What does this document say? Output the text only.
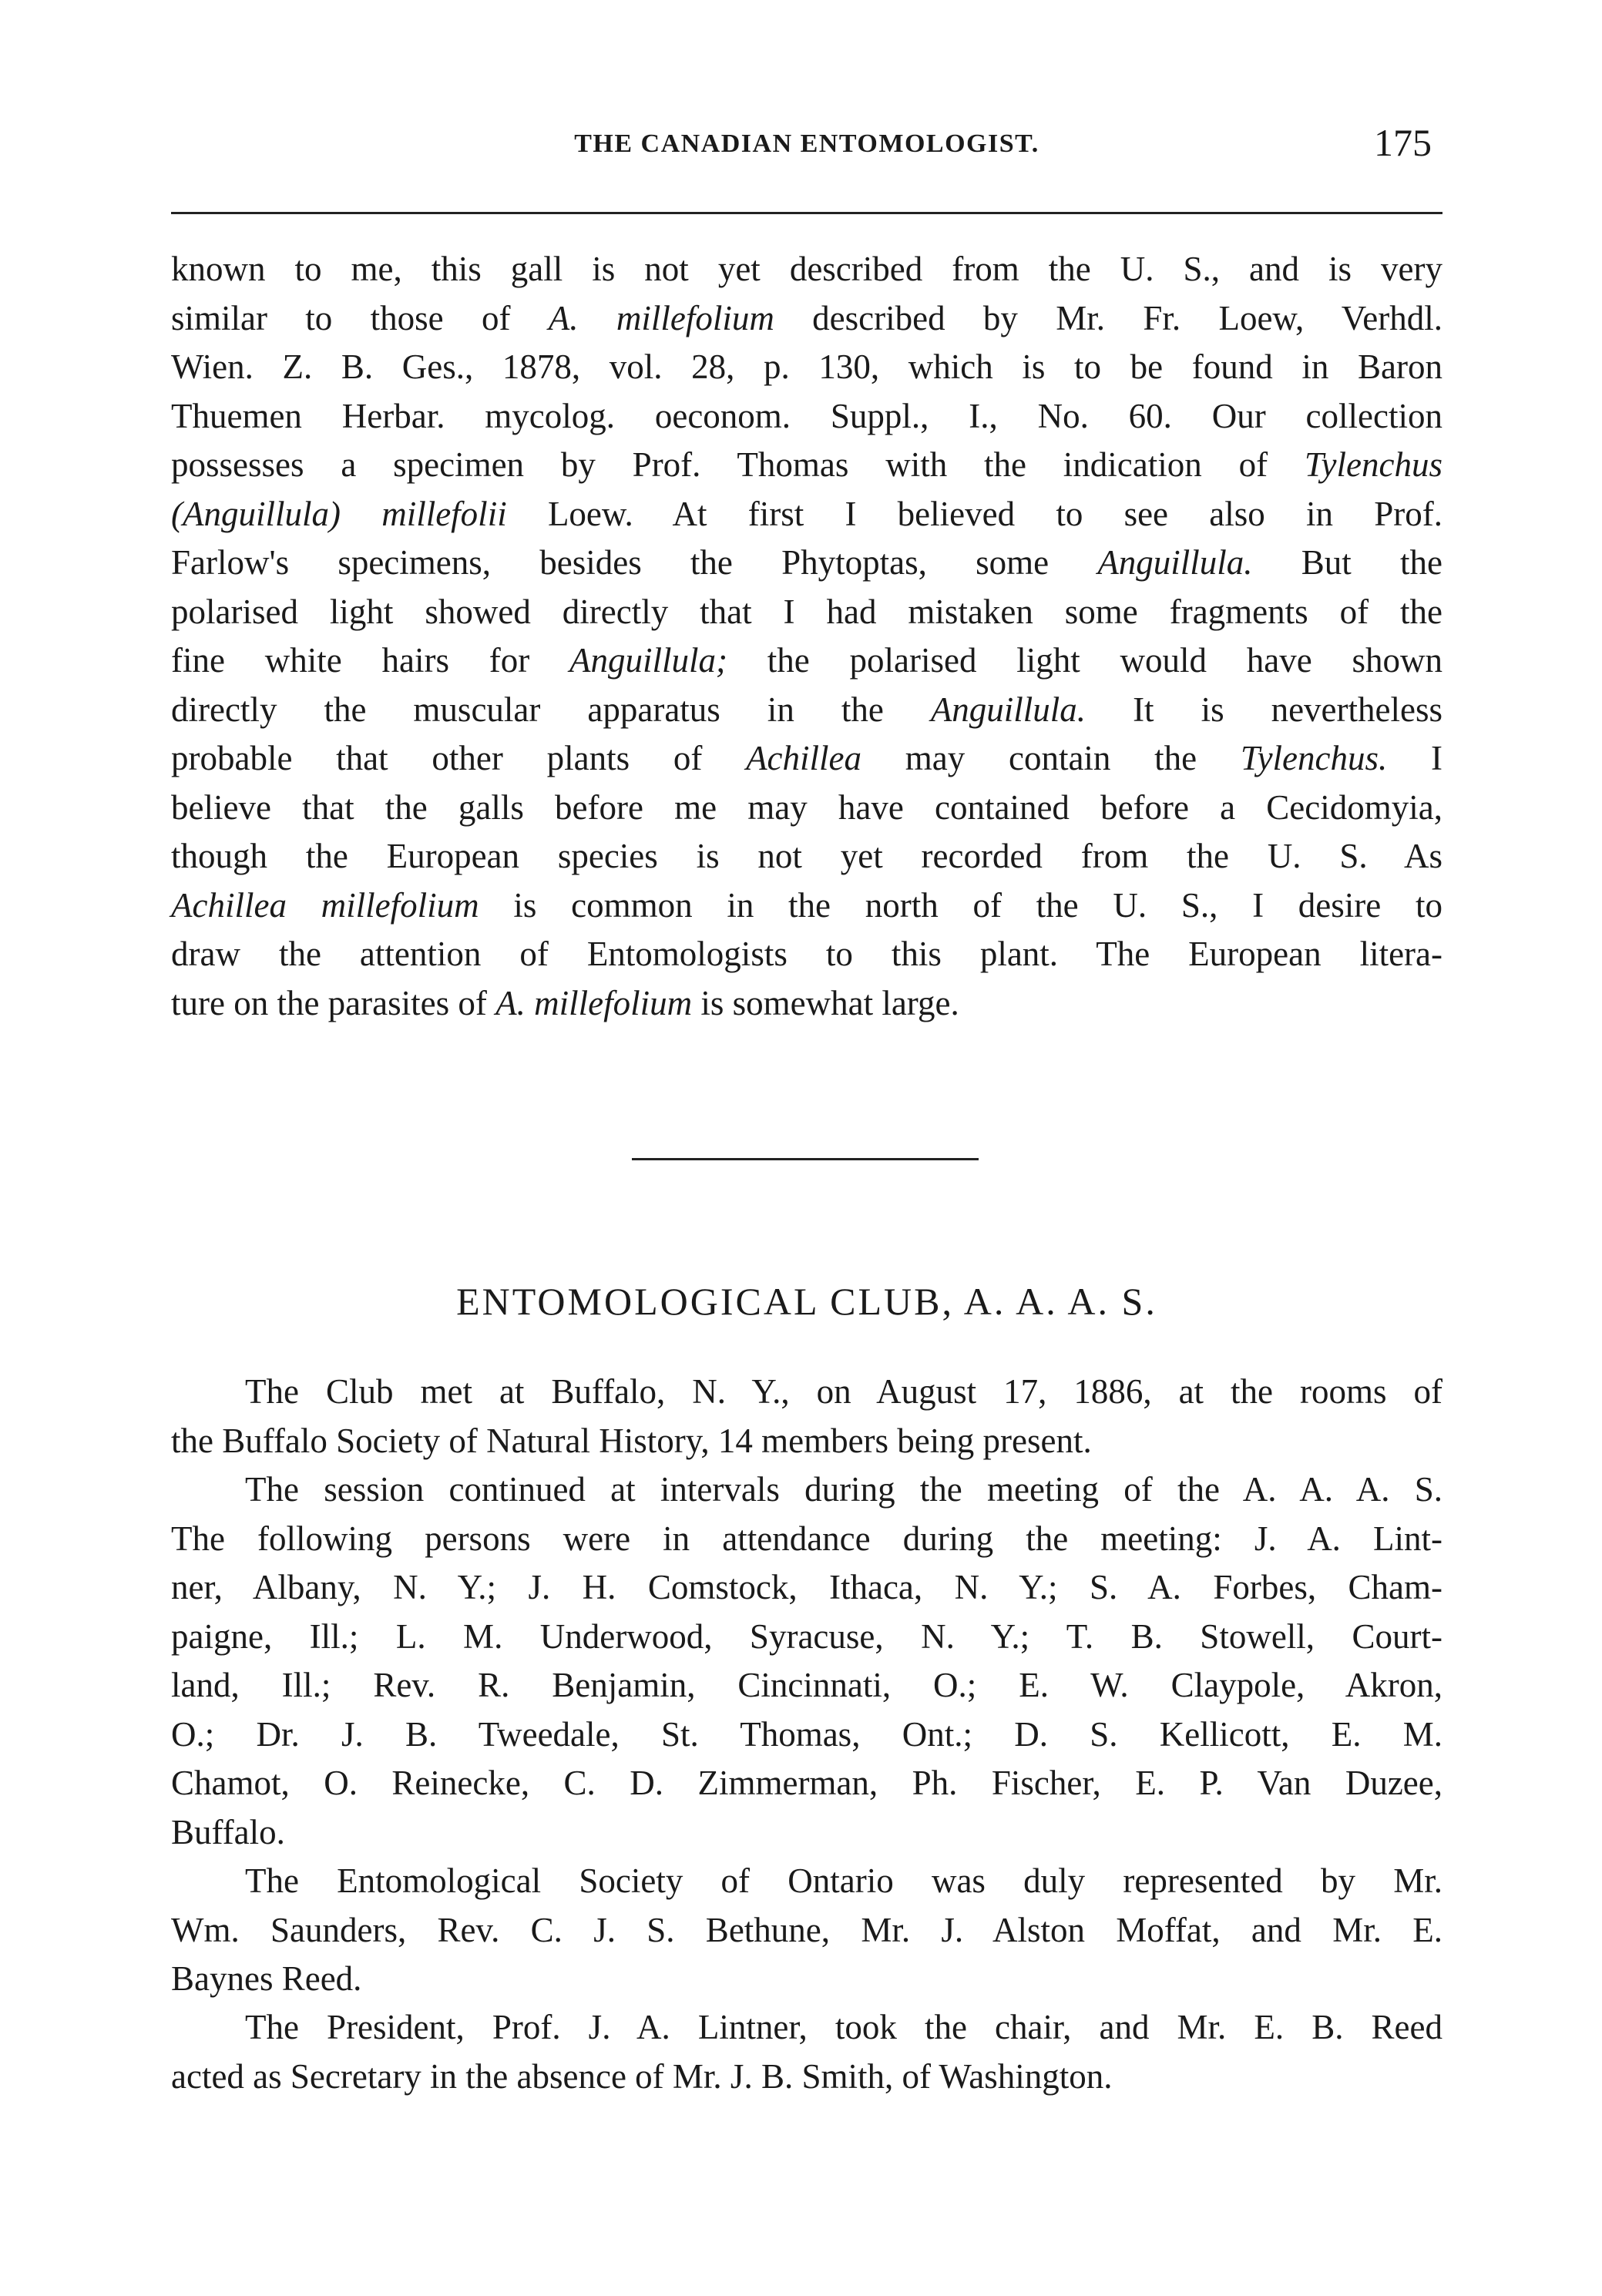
THE CANADIAN ENTOMOLOGIST.	175

known to me, this gall is not yet described from the U. S., and is very
similar to those of A. millefolium described by Mr. Fr. Loew, Verhdl.
Wien. Z. B. Ges., 1878, vol. 28, p. 130, which is to be found in Baron
Thuemen Herbar. mycolog. oeconom. Suppl., I., No. 60. Our collection
possesses a specimen by Prof. Thomas with the indication of Tylenchus
(Anguillula) millefolii Loew. At first I believed to see also in Prof.
Farlow's specimens, besides the Phytoptas, some Anguillula. But the
polarised light showed directly that I had mistaken some fragments of the
fine white hairs for Anguillula; the polarised light would have shown
directly the muscular apparatus in the Anguillula. It is nevertheless
probable that other plants of Achillea may contain the Tylenchus. I
believe that the galls before me may have contained before a Cecidomyia,
though the European species is not yet recorded from the U. S. As
Achillea millefolium is common in the north of the U. S., I desire to
draw the attention of Entomologists to this plant. The European litera-
ture on the parasites of A. millefolium is somewhat large.

ENTOMOLOGICAL CLUB, A. A. A. S.

The Club met at Buffalo, N. Y., on August 17, 1886, at the rooms of
the Buffalo Society of Natural History, 14 members being present.

The session continued at intervals during the meeting of the A. A. A. S.
The following persons were in attendance during the meeting: J. A. Lint-
ner, Albany, N. Y.; J. H. Comstock, Ithaca, N. Y.; S. A. Forbes, Cham-
paigne, Ill.; L. M. Underwood, Syracuse, N. Y.; T. B. Stowell, Court-
land, Ill.; Rev. R. Benjamin, Cincinnati, O.; E. W. Claypole, Akron,
O.; Dr. J. B. Tweedale, St. Thomas, Ont.; D. S. Kellicott, E. M.
Chamot, O. Reinecke, C. D. Zimmerman, Ph. Fischer, E. P. Van Duzee,
Buffalo.

The Entomological Society of Ontario was duly represented by Mr.
Wm. Saunders, Rev. C. J. S. Bethune, Mr. J. Alston Moffat, and Mr. E.
Baynes Reed.

The President, Prof. J. A. Lintner, took the chair, and Mr. E. B. Reed
acted as Secretary in the absence of Mr. J. B. Smith, of Washington.
